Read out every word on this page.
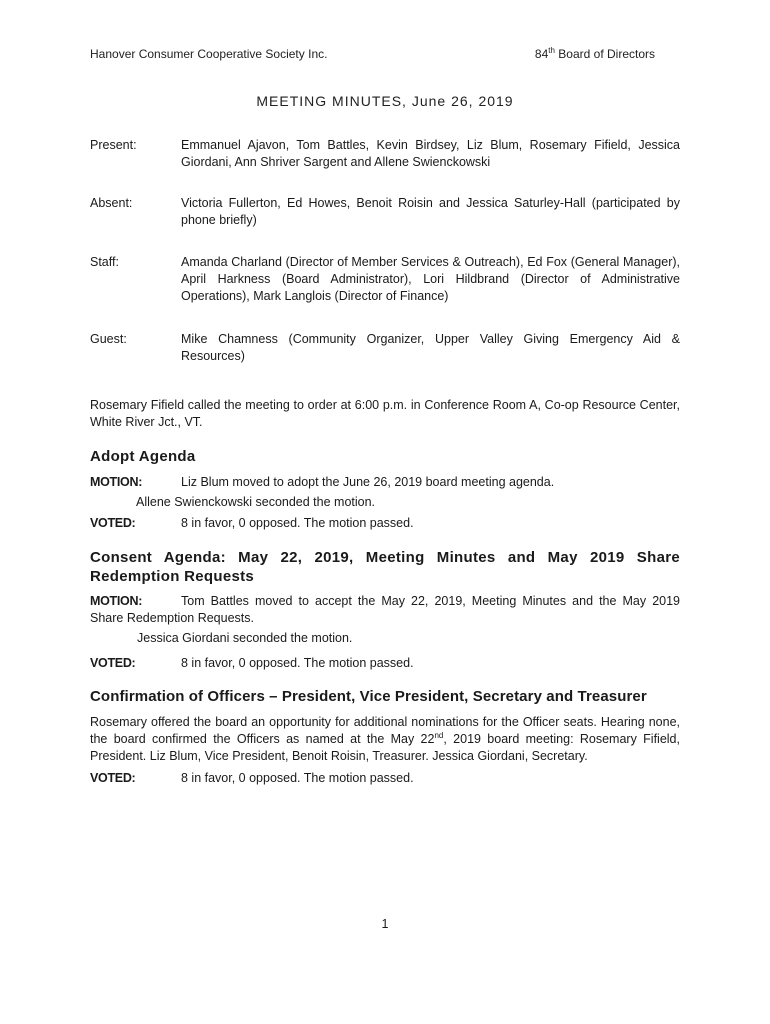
Hanover Consumer Cooperative Society Inc.	84th Board of Directors
MEETING MINUTES, June 26, 2019
Present:	Emmanuel Ajavon, Tom Battles, Kevin Birdsey, Liz Blum, Rosemary Fifield, Jessica Giordani, Ann Shriver Sargent and Allene Swienckowski
Absent:	Victoria Fullerton, Ed Howes, Benoit Roisin and Jessica Saturley-Hall (participated by phone briefly)
Staff:	Amanda Charland (Director of Member Services & Outreach), Ed Fox (General Manager), April Harkness (Board Administrator), Lori Hildbrand (Director of Administrative Operations), Mark Langlois (Director of Finance)
Guest:	Mike Chamness (Community Organizer, Upper Valley Giving Emergency Aid & Resources)
Rosemary Fifield called the meeting to order at 6:00 p.m. in Conference Room A, Co-op Resource Center, White River Jct., VT.
Adopt Agenda
MOTION:	Liz Blum moved to adopt the June 26, 2019 board meeting agenda.
Allene Swienckowski seconded the motion.
VOTED:	8 in favor, 0 opposed. The motion passed.
Consent Agenda: May 22, 2019, Meeting Minutes and May 2019 Share Redemption Requests
MOTION:	Tom Battles moved to accept the May 22, 2019, Meeting Minutes and the May 2019 Share Redemption Requests.
Jessica Giordani seconded the motion.
VOTED:	8 in favor, 0 opposed. The motion passed.
Confirmation of Officers – President, Vice President, Secretary and Treasurer
Rosemary offered the board an opportunity for additional nominations for the Officer seats. Hearing none, the board confirmed the Officers as named at the May 22nd, 2019 board meeting: Rosemary Fifield, President. Liz Blum, Vice President, Benoit Roisin, Treasurer. Jessica Giordani, Secretary.
VOTED:	8 in favor, 0 opposed. The motion passed.
1
